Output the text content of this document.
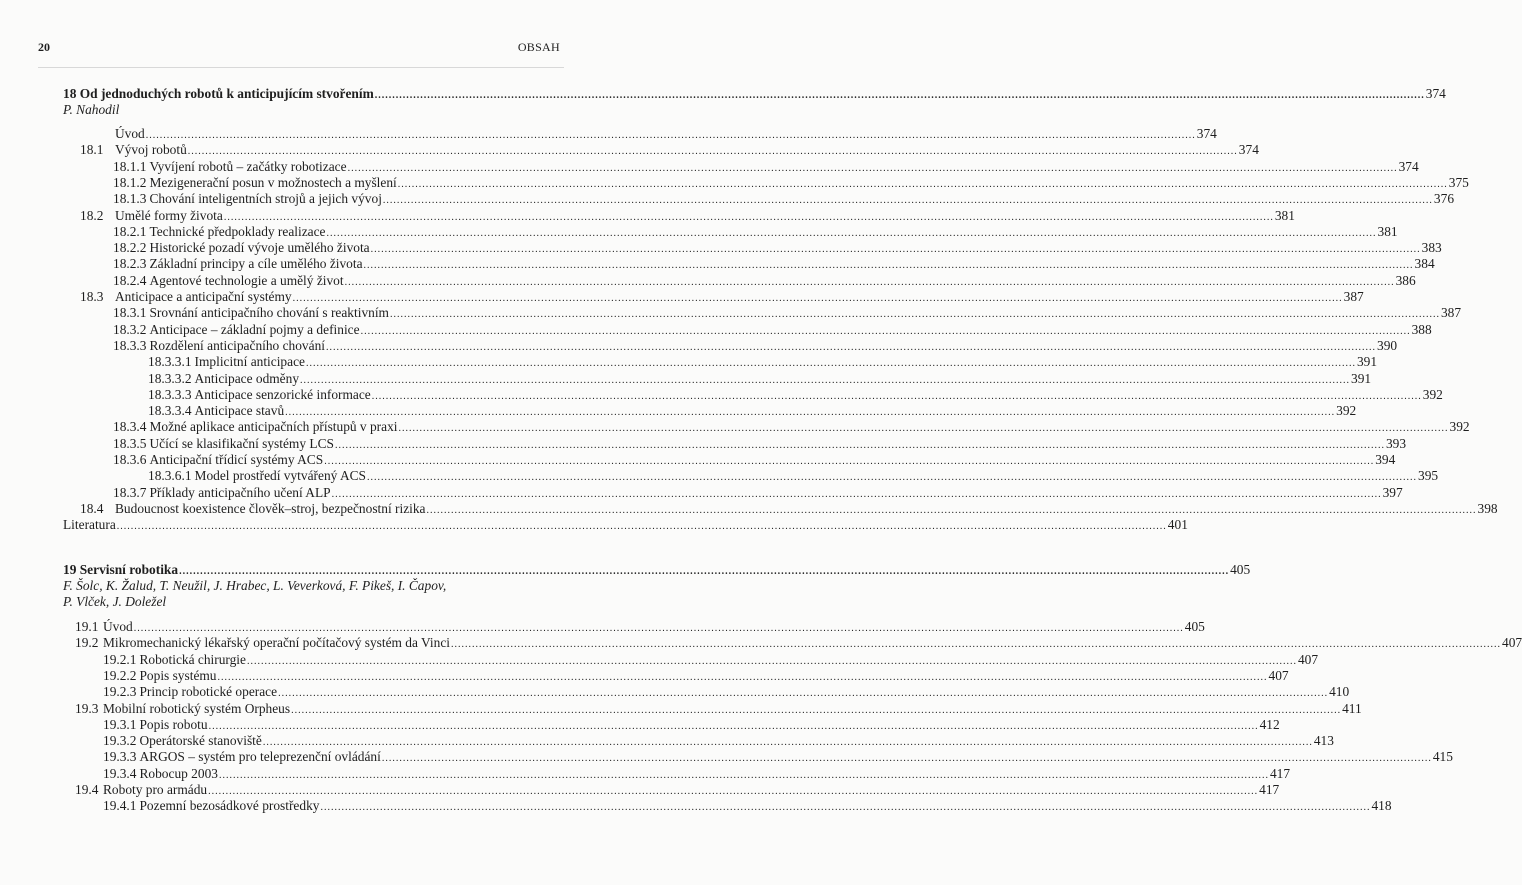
20	OBSAH
18 Od jednoduchých robotů k anticipujícím stvořením ............................................................................................................................................................................................................................................................................................................ 374
P. Nahodil
Úvod ............................................................................................................................................................................................................................................................................................................ 374
18.1 Vývoj robotů ............................................................................................................................................................................................................................................................................................................ 374
18.1.1 Vyvíjení robotů – začátky robotizace ............................................................................................................................................................................................................................................................................................................ 374
18.1.2 Mezigenerační posun v možnostech a myšlení ............................................................................................................................................................................................................................................................................................................ 375
18.1.3 Chování inteligentních strojů a jejich vývoj ............................................................................................................................................................................................................................................................................................................ 376
18.2 Umělé formy života ............................................................................................................................................................................................................................................................................................................ 381
18.2.1 Technické předpoklady realizace ............................................................................................................................................................................................................................................................................................................ 381
18.2.2 Historické pozadí vývoje umělého života ............................................................................................................................................................................................................................................................................................................ 383
18.2.3 Základní principy a cíle umělého života ............................................................................................................................................................................................................................................................................................................ 384
18.2.4 Agentové technologie a umělý život ............................................................................................................................................................................................................................................................................................................ 386
18.3 Anticipace a anticipační systémy ............................................................................................................................................................................................................................................................................................................ 387
18.3.1 Srovnání anticipačního chování s reaktivním ............................................................................................................................................................................................................................................................................................................ 387
18.3.2 Anticipace – základní pojmy a definice ............................................................................................................................................................................................................................................................................................................ 388
18.3.3 Rozdělení anticipačního chování ............................................................................................................................................................................................................................................................................................................ 390
18.3.3.1 Implicitní anticipace ............................................................................................................................................................................................................................................................................................................ 391
18.3.3.2 Anticipace odměny ............................................................................................................................................................................................................................................................................................................ 391
18.3.3.3 Anticipace senzorické informace ............................................................................................................................................................................................................................................................................................................ 392
18.3.3.4 Anticipace stavů ............................................................................................................................................................................................................................................................................................................ 392
18.3.4 Možné aplikace anticipačních přístupů v praxi ............................................................................................................................................................................................................................................................................................................ 392
18.3.5 Učící se klasifikační systémy LCS ............................................................................................................................................................................................................................................................................................................ 393
18.3.6 Anticipační třídicí systémy ACS ............................................................................................................................................................................................................................................................................................................ 394
18.3.6.1 Model prostředí vytvářený ACS ............................................................................................................................................................................................................................................................................................................ 395
18.3.7 Příklady anticipačního učení ALP ............................................................................................................................................................................................................................................................................................................ 397
18.4 Budoucnost koexistence člověk–stroj, bezpečnostní rizika ............................................................................................................................................................................................................................................................................................................ 398
Literatura ............................................................................................................................................................................................................................................................................................................ 401
19 Servisní robotika ............................................................................................................................................................................................................................................................................................................ 405
F. Šolc, K. Žalud, T. Neužil, J. Hrabec, L. Veverková, F. Pikeš, I. Čapov,
P. Vlček, J. Doležel
19.1 Úvod ............................................................................................................................................................................................................................................................................................................ 405
19.2 Mikromechanický lékařský operační počítačový systém da Vinci ............................................................................................................................................................................................................................................................................................................ 407
19.2.1 Robotická chirurgie ............................................................................................................................................................................................................................................................................................................ 407
19.2.2 Popis systému ............................................................................................................................................................................................................................................................................................................ 407
19.2.3 Princip robotické operace ............................................................................................................................................................................................................................................................................................................ 410
19.3 Mobilní robotický systém Orpheus ............................................................................................................................................................................................................................................................................................................ 411
19.3.1 Popis robotu ............................................................................................................................................................................................................................................................................................................ 412
19.3.2 Operátorské stanoviště ............................................................................................................................................................................................................................................................................................................ 413
19.3.3 ARGOS – systém pro teleprezenční ovládání ............................................................................................................................................................................................................................................................................................................ 415
19.3.4 Robocup 2003 ............................................................................................................................................................................................................................................................................................................ 417
19.4 Roboty pro armádu ............................................................................................................................................................................................................................................................................................................ 417
19.4.1 Pozemní bezosádkové prostředky ............................................................................................................................................................................................................................................................................................................ 418
